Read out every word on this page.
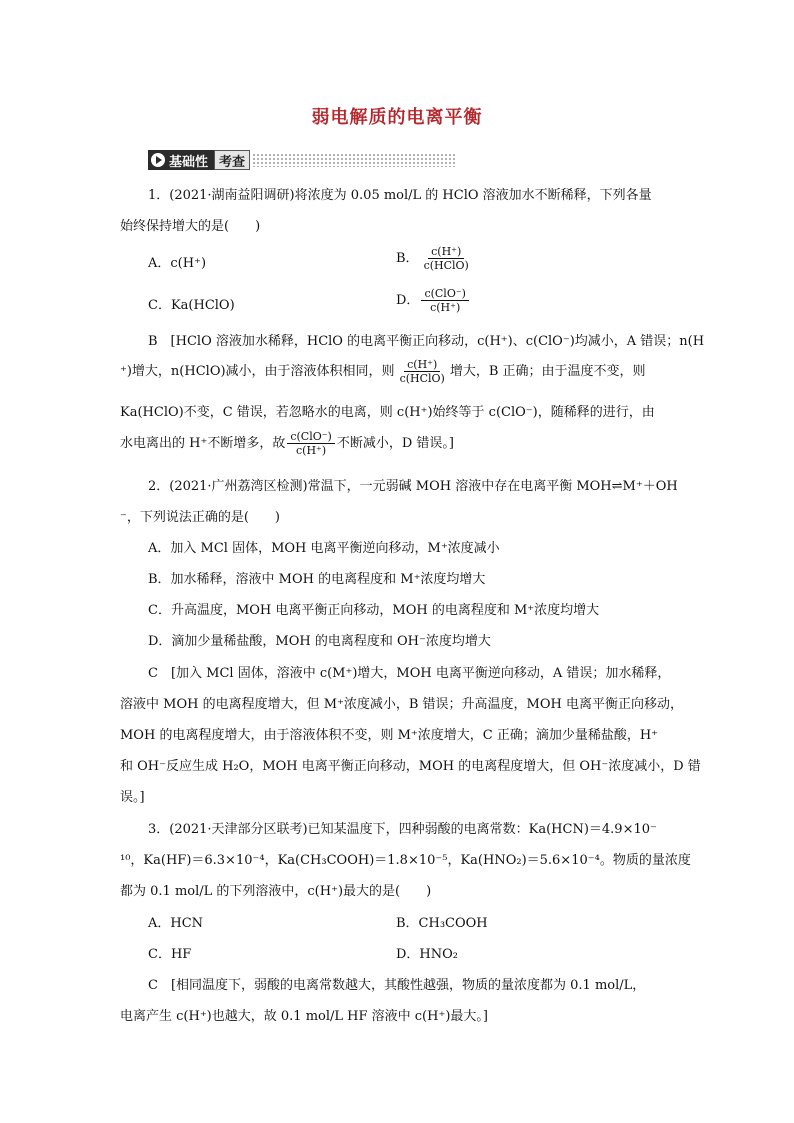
弱电解质的电离平衡
基础性 考查
1．(2021·湖南益阳调研)将浓度为 0.05 mol/L 的 HClO 溶液加水不断稀释，下列各量
始终保持增大的是(　　)
A．c(H⁺)	B． $\frac{c(H^+)}{\text{c(HClO)}}$
C．Ka(HClO)	D． $\frac{\text{c(ClO⁻)}}{c(H^+)}$
B　[HClO 溶液加水稀释，HClO 的电离平衡正向移动，c(H⁺)、c(ClO⁻)均减小，A 错误；n(H
⁺)增大，n(HClO)减小，由于溶液体积相同，则 $\frac{c(H^+)}{\text{c(HClO)}}$ 增大，B 正确；由于温度不变，则
Ka(HClO)不变，C 错误，若忽略水的电离，则 c(H⁺)始终等于 c(ClO⁻)，随稀释的进行，由
水电离出的 H⁺不断增多，故 $\frac{\text{c(ClO⁻)}}{c(H^+)}$ 不断减小，D 错误。]
2．(2021·广州荔湾区检测)常温下，一元弱碱 MOH 溶液中存在电离平衡 MOH⇌M⁺＋OH
⁻，下列说法正确的是(　　)
A．加入 MCl 固体，MOH 电离平衡逆向移动，M⁺浓度减小
B．加水稀释，溶液中 MOH 的电离程度和 M⁺浓度均增大
C．升高温度，MOH 电离平衡正向移动，MOH 的电离程度和 M⁺浓度均增大
D．滴加少量稀盐酸，MOH 的电离程度和 OH⁻浓度均增大
C　[加入 MCl 固体，溶液中 c(M⁺)增大，MOH 电离平衡逆向移动，A 错误；加水稀释，
溶液中 MOH 的电离程度增大，但 M⁺浓度减小，B 错误；升高温度，MOH 电离平衡正向移动，
MOH 的电离程度增大，由于溶液体积不变，则 M⁺浓度增大，C 正确；滴加少量稀盐酸，H⁺
和 OH⁻反应生成 H₂O，MOH 电离平衡正向移动，MOH 的电离程度增大，但 OH⁻浓度减小，D 错
误。]
3．(2021·天津部分区联考)已知某温度下，四种弱酸的电离常数：Ka(HCN)＝4.9×10⁻
¹⁰，Ka(HF)＝6.3×10⁻⁴，Ka(CH₃COOH)＝1.8×10⁻⁵，Ka(HNO₂)＝5.6×10⁻⁴。物质的量浓度
都为 0.1 mol/L 的下列溶液中，c(H⁺)最大的是(　　)
A．HCN	B．CH₃COOH
C．HF	D．HNO₂
C　[相同温度下，弱酸的电离常数越大，其酸性越强，物质的量浓度都为 0.1 mol/L，
电离产生 c(H⁺)也越大，故 0.1 mol/L HF 溶液中 c(H⁺)最大。]
